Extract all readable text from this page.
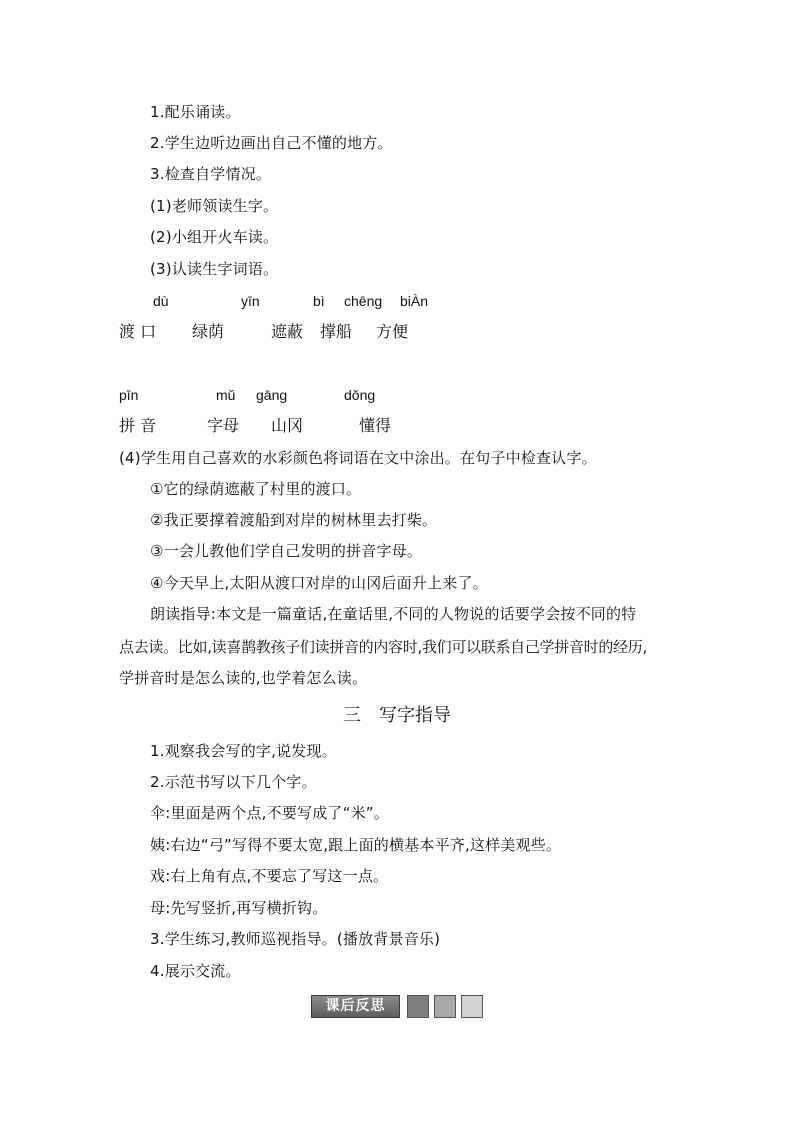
1.配乐诵读。
2.学生边听边画出自己不懂的地方。
3.检查自学情况。
(1)老师领读生字。
(2)小组开火车读。
(3)认读生字词语。
dù	yīn	bì chēng biÀn
渡 口 绿荫	遮蔽 撑船 方便
pīn	mǔ gāng	dǒng
拼 音	字母 山冈	懂得
(4)学生用自己喜欢的水彩颜色将词语在文中涂出。在句子中检查认字。
①它的绿荫遮蔽了村里的渡口。
②我正要撑着渡船到对岸的树林里去打柴。
③一会儿教他们学自己发明的拼音字母。
④今天早上,太阳从渡口对岸的山冈后面升上来了。
朗读指导:本文是一篇童话,在童话里,不同的人物说的话要学会按不同的特
点去读。比如,读喜鹊教孩子们读拼音的内容时,我们可以联系自己学拼音时的经历,
学拼音时是怎么读的,也学着怎么读。
三　写字指导
1.观察我会写的字,说发现。
2.示范书写以下几个字。
伞:里面是两个点,不要写成了“米”。
姨:右边“弓”写得不要太宽,跟上面的横基本平齐,这样美观些。
戏:右上角有点,不要忘了写这一点。
母:先写竖折,再写横折钩。
3.学生练习,教师巡视指导。(播放背景音乐)
4.展示交流。
课后反思
